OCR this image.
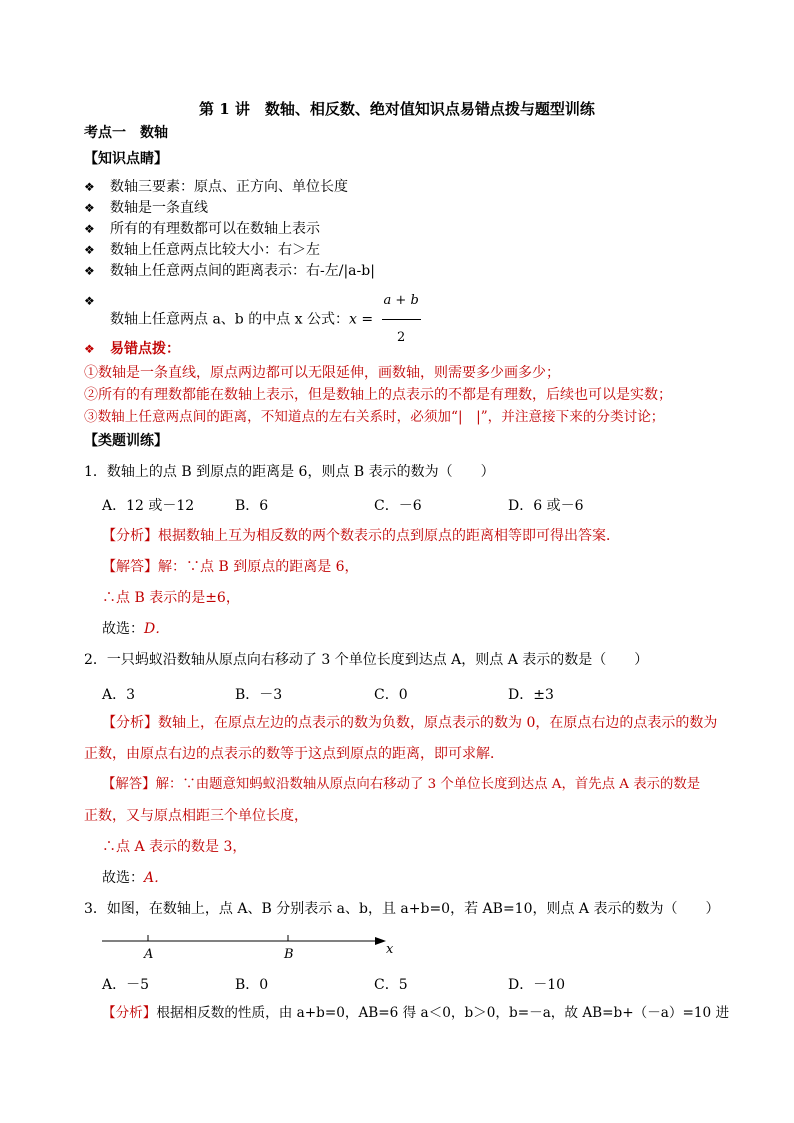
第 1 讲　数轴、相反数、绝对值知识点易错点拨与题型训练
考点一　数轴
【知识点睛】
❖ 数轴三要素：原点、正方向、单位长度
❖ 数轴是一条直线
❖ 所有的有理数都可以在数轴上表示
❖ 数轴上任意两点比较大小：右＞左
❖ 数轴上任意两点间的距离表示：右-左/|a-b|
❖
数轴上任意两点 a、b 的中点 x 公式：$x = \frac{a + b}{2}$
❖ 易错点拨：
①数轴是一条直线，原点两边都可以无限延伸，画数轴，则需要多少画多少；
②所有的有理数都能在数轴上表示，但是数轴上的点表示的不都是有理数，后续也可以是实数；
③数轴上任意两点间的距离，不知道点的左右关系时，必须加“|　|”，并注意接下来的分类讨论；
【类题训练】
1．数轴上的点 B 到原点的距离是 6，则点 B 表示的数为（　　）
A．12 或－12	B．6	C．－6	D．6 或－6
【分析】根据数轴上互为相反数的两个数表示的点到原点的距离相等即可得出答案．
【解答】解：∵点 B 到原点的距离是 6，
∴点 B 表示的是±6，
故选：D．
2．一只蚂蚁沿数轴从原点向右移动了 3 个单位长度到达点 A，则点 A 表示的数是（　　）
A．3	B．－3	C．0	D．±3
【分析】数轴上，在原点左边的点表示的数为负数，原点表示的数为 0，在原点右边的点表示的数为
正数，由原点右边的点表示的数等于这点到原点的距离，即可求解．
【解答】解：∵由题意知蚂蚁沿数轴从原点向右移动了 3 个单位长度到达点 A，首先点 A 表示的数是
正数，又与原点相距三个单位长度，
∴点 A 表示的数是 3，
故选：A．
3．如图，在数轴上，点 A、B 分别表示 a、b，且 a+b=0，若 AB=10，则点 A 表示的数为（　　）
A	B	x
A．－5	B．0	C．5	D．－10
【分析】根据相反数的性质，由 a+b=0，AB=6 得 a＜0，b＞0，b=－a，故 AB=b+（－a）=10 进
